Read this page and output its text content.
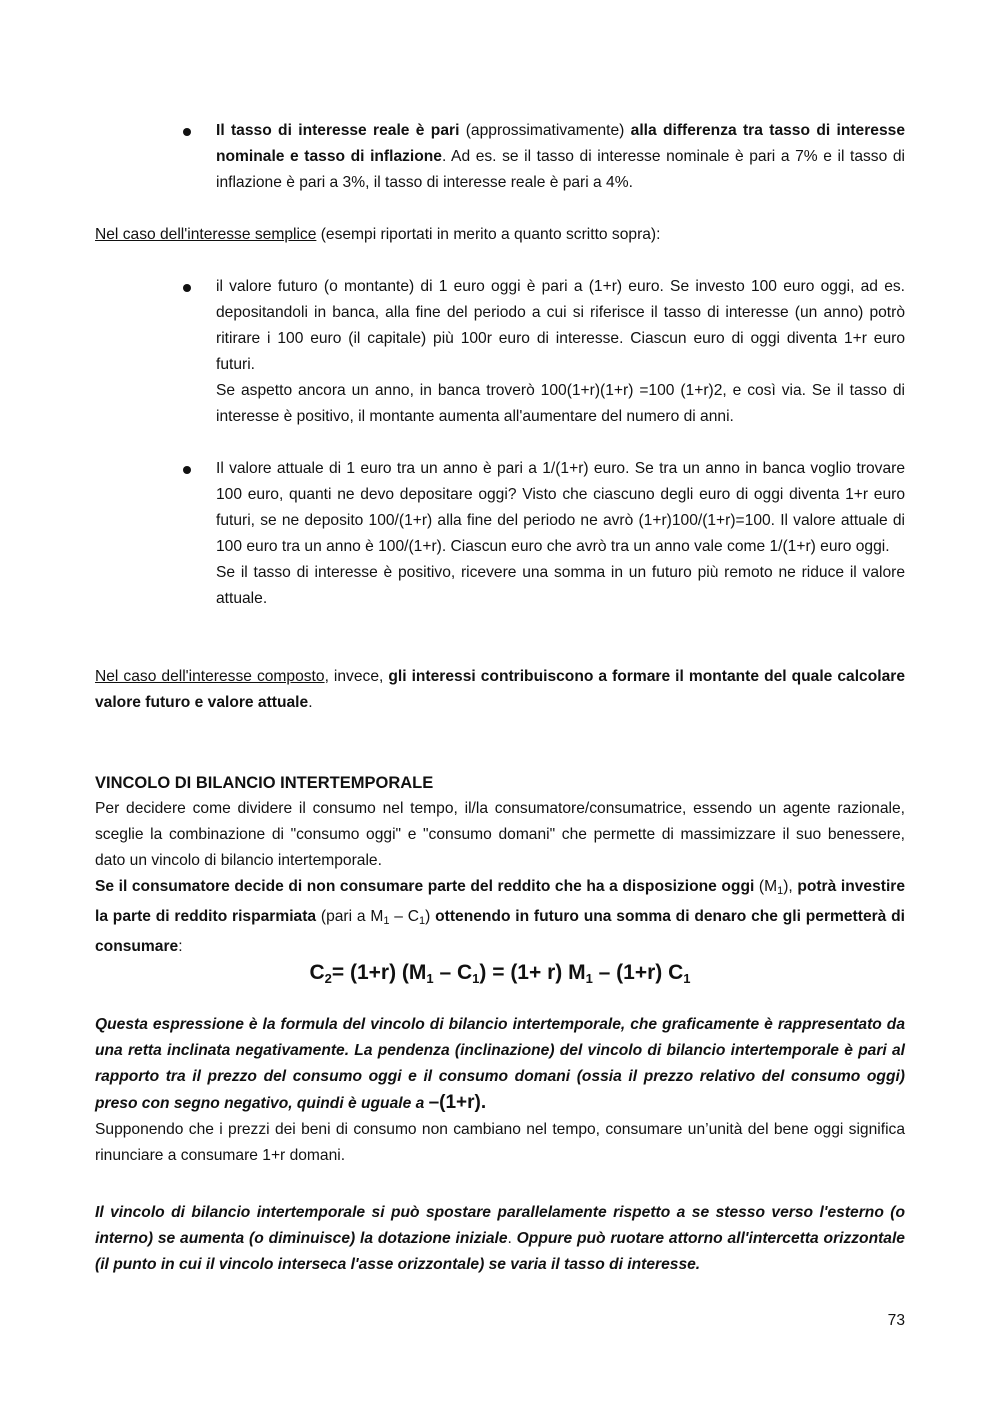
Il tasso di interesse reale è pari (approssimativamente) alla differenza tra tasso di interesse nominale e tasso di inflazione. Ad es. se il tasso di interesse nominale è pari a 7% e il tasso di inflazione è pari a 3%, il tasso di interesse reale è pari a 4%.

Nel caso dell'interesse semplice (esempi riportati in merito a quanto scritto sopra):

il valore futuro (o montante) di 1 euro oggi è pari a (1+r) euro. Se investo 100 euro oggi, ad es. depositandoli in banca, alla fine del periodo a cui si riferisce il tasso di interesse (un anno) potrò ritirare i 100 euro (il capitale) più 100r euro di interesse. Ciascun euro di oggi diventa 1+r euro futuri.

Se aspetto ancora un anno, in banca troverò 100(1+r)(1+r) =100 (1+r)2, e così via. Se il tasso di interesse è positivo, il montante aumenta all'aumentare del numero di anni.

Il valore attuale di 1 euro tra un anno è pari a 1/(1+r) euro. Se tra un anno in banca voglio trovare 100 euro, quanti ne devo depositare oggi? Visto che ciascuno degli euro di oggi diventa 1+r euro futuri, se ne deposito 100/(1+r) alla fine del periodo ne avrò (1+r)100/(1+r)=100. Il valore attuale di 100 euro tra un anno è 100/(1+r). Ciascun euro che avrò tra un anno vale come 1/(1+r) euro oggi.

Se il tasso di interesse è positivo, ricevere una somma in un futuro più remoto ne riduce il valore attuale.

Nel caso dell'interesse composto, invece, gli interessi contribuiscono a formare il montante del quale calcolare valore futuro e valore attuale.

VINCOLO DI BILANCIO INTERTEMPORALE

Per decidere come dividere il consumo nel tempo, il/la consumatore/consumatrice, essendo un agente razionale, sceglie la combinazione di "consumo oggi" e "consumo domani" che permette di massimizzare il suo benessere, dato un vincolo di bilancio intertemporale.

Se il consumatore decide di non consumare parte del reddito che ha a disposizione oggi (M1), potrà investire la parte di reddito risparmiata (pari a M1 – C1) ottenendo in futuro una somma di denaro che gli permetterà di consumare:

$C_2= (1+r)$ $(M_1 - C_1) = (1+ r)$ $M_1 - (1+r)$ $C_1$

Questa espressione è la formula del vincolo di bilancio intertemporale, che graficamente è rappresentato da una retta inclinata negativamente. La pendenza (inclinazione) del vincolo di bilancio intertemporale è pari al rapporto tra il prezzo del consumo oggi e il consumo domani (ossia il prezzo relativo del consumo oggi) preso con segno negativo, quindi è uguale a –(1+r).

Supponendo che i prezzi dei beni di consumo non cambiano nel tempo, consumare un’unità del bene oggi significa rinunciare a consumare 1+r domani.

Il vincolo di bilancio intertemporale si può spostare parallelamente rispetto a se stesso verso l'esterno (o interno) se aumenta (o diminuisce) la dotazione iniziale. Oppure può ruotare attorno all'intercetta orizzontale (il punto in cui il vincolo interseca l'asse orizzontale) se varia il tasso di interesse.

73
